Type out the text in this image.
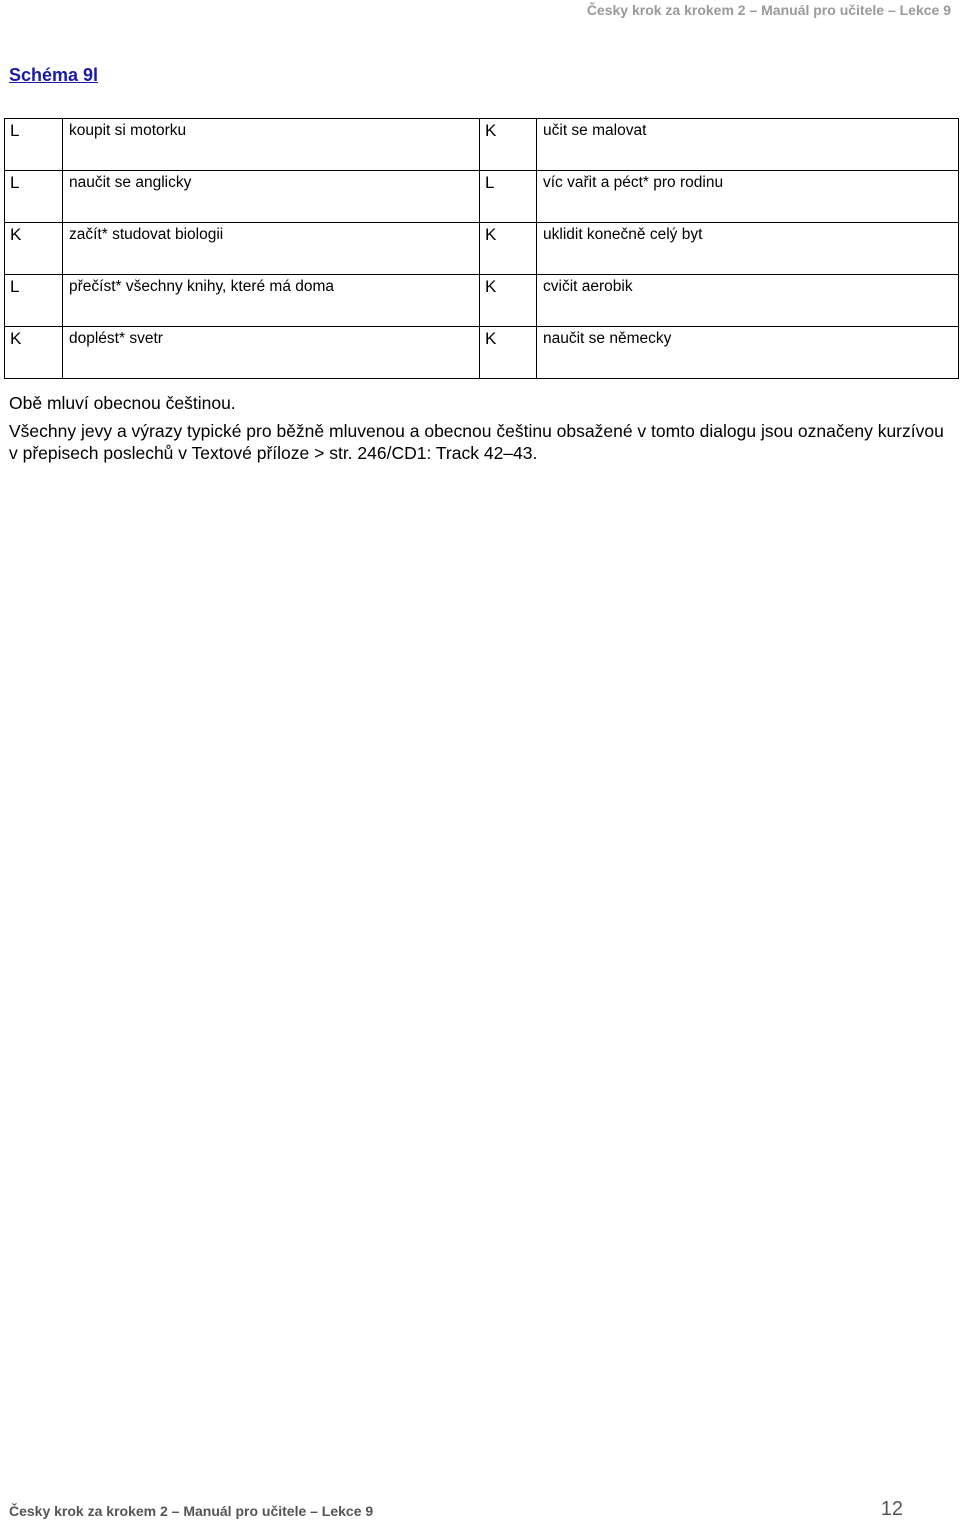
Česky krok za krokem 2 – Manuál pro učitele – Lekce 9
Schéma 9l
L	koupit si motorku	K	učit se malovat
L	naučit se anglicky	L	víc vařit a péct* pro rodinu
K	začít* studovat biologii	K	uklidit konečně celý byt
L	přečíst* všechny knihy, které má doma	K	cvičit aerobik
K	doplést* svetr	K	naučit se německy

Obě mluví obecnou češtinou.

Všechny jevy a výrazy typické pro běžně mluvenou a obecnou češtinu obsažené v tomto dialogu jsou označeny kurzívou v přepisech poslechů v Textové příloze > str. 246/CD1: Track 42–43.

Česky krok za krokem 2 – Manuál pro učitele – Lekce 9	12
